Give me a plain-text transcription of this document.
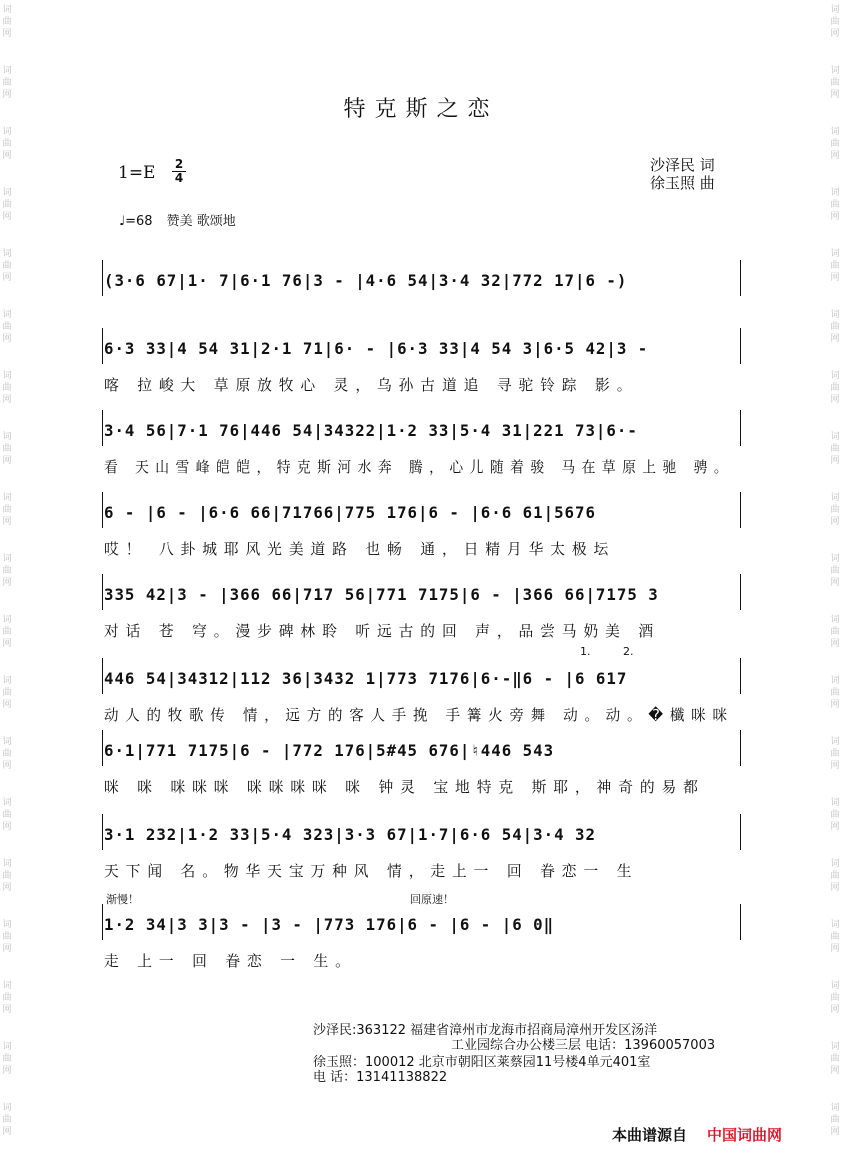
词曲网
词曲网
词曲网
词曲网
词曲网
词曲网
词曲网
词曲网
词曲网
词曲网
词曲网
词曲网
词曲网
词曲网
词曲网
词曲网
词曲网
词曲网
词曲网
词曲网
词曲网
词曲网
词曲网
词曲网
词曲网
词曲网
词曲网
词曲网
词曲网
词曲网
词曲网
词曲网
词曲网
词曲网
词曲网
词曲网
词曲网
词曲网
特克斯之恋
1=E 2
4
沙泽民 词
徐玉照 曲
♩=68 赞美 歌颂地
(3·6 67|1· 7|6·1 76|3 - |4·6 54|3·4 32|772 17|6 -)
6·3 33|4 54 31|2·1 71|6· - |6·3 33|4 54 3|6·5 42|3 -
喀 拉峻大 草原放牧心 灵，乌孙古道追 寻驼铃踪 影。
3·4 56|7·1 76|446 54|34322|1·2 33|5·4 31|221 73|6·-
看 天山雪峰皑皑，特克斯河水奔 腾，心儿随着骏 马在草原上驰 骋。
6 - |6 - |6·6 66|71766|775 176|6 - |6·6 61|5676
哎！ 八卦城耶风光美道路 也畅 通，日精月华太极坛
335 42|3 - |366 66|717 56|771 7175|6 - |366 66|7175 3
对话 苍 穹。漫步碑林聆 听远古的回 声，品尝马奶美 酒
446 54|34312|112 36|3432 1|773 7176|6·-‖6 - |6 617
动人的牧歌传 情，远方的客人手挽 手篝火旁舞 动。动。�櫼咪咪
6·1|771 7175|6 - |772 176|5#45 676|♮446 543
咪 咪 咪咪咪 咪咪咪咪 咪 钟灵 宝地特克 斯耶，神奇的易都
3·1 232|1·2 33|5·4 323|3·3 67|1·7|6·6 54|3·4 32
天下闻 名。物华天宝万种风 情，走上一 回 眷恋一 生
1·2 34|3 3|3 - |3 - |773 176|6 - |6 - |6 0‖
走 上一 回 眷恋 一 生。
渐慢！	回原速！
1.	2.
沙泽民:363122 福建省漳州市龙海市招商局漳州开发区汤洋
工业园综合办公楼三层 电话：13960057003
徐玉照：100012 北京市朝阳区莱蔡园11号楼4单元401室
电 话：13141138822
本曲谱源自 中国词曲网
